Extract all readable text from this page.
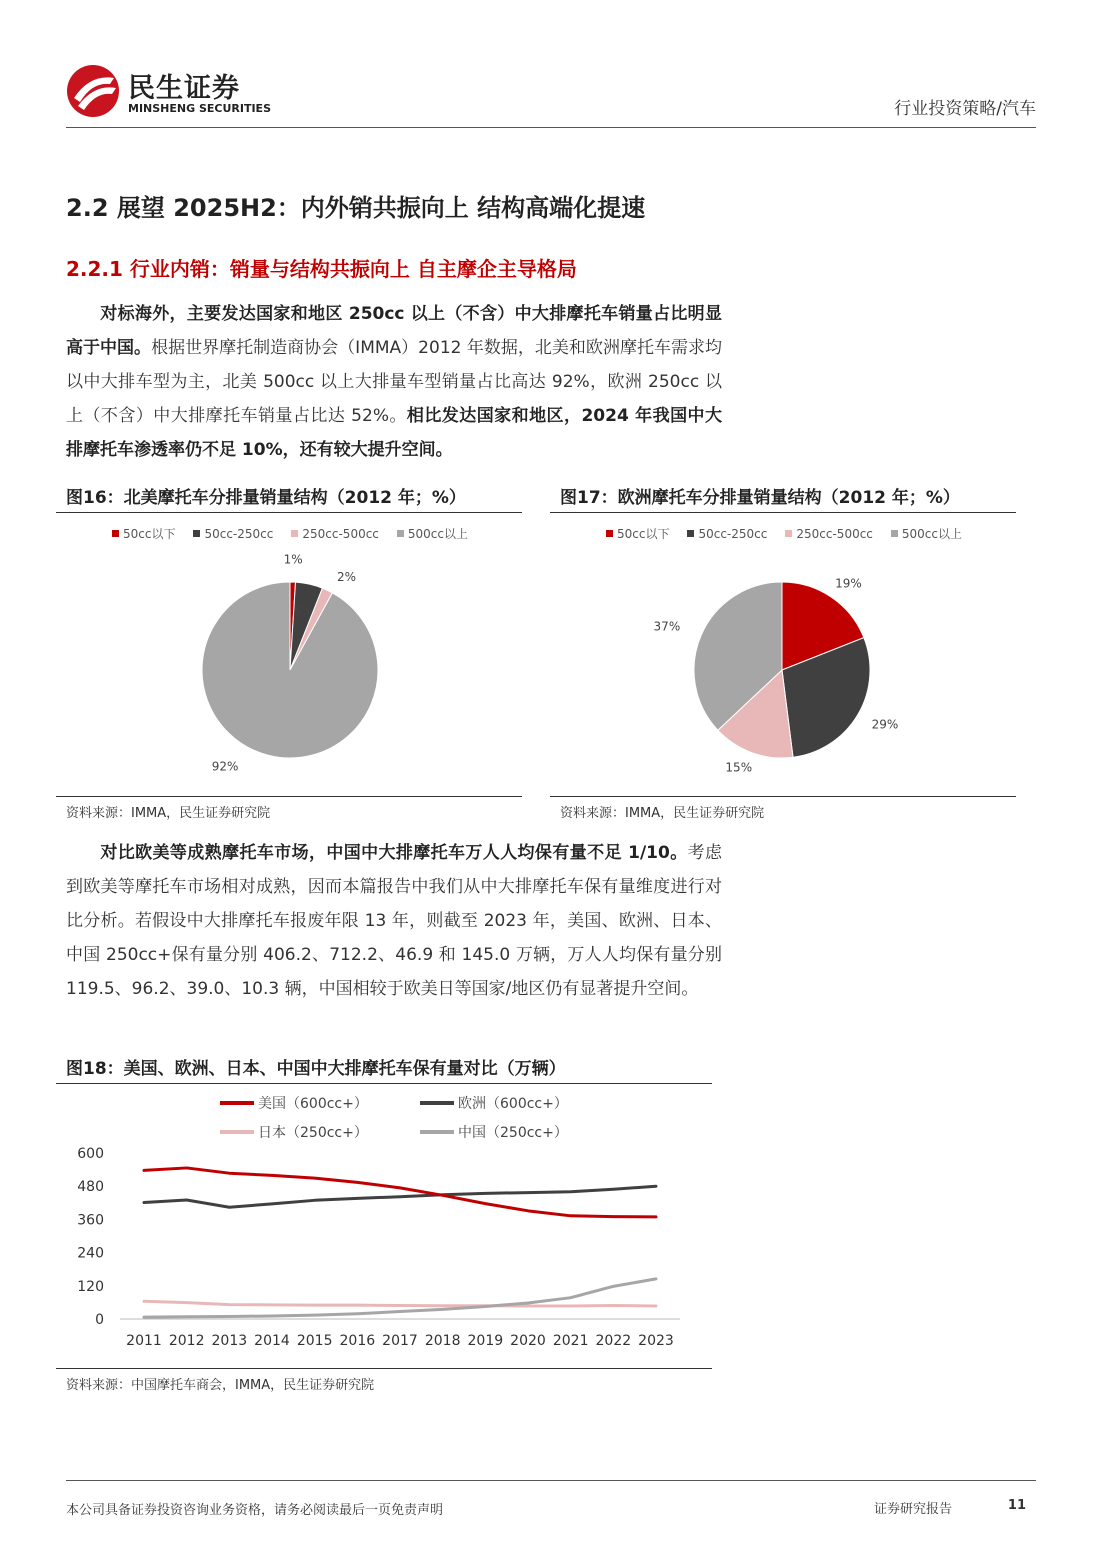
民生证券
MINSHENG SECURITIES	行业投资策略/汽车
2.2 展望 2025H2：内外销共振向上 结构高端化提速
2.2.1 行业内销：销量与结构共振向上 自主摩企主导格局
对标海外，主要发达国家和地区 250cc 以上（不含）中大排摩托车销量占比明显高于中国。根据世界摩托制造商协会（IMMA）2012 年数据，北美和欧洲摩托车需求均以中大排车型为主，北美 500cc 以上大排量车型销量占比高达 92%，欧洲 250cc 以上（不含）中大排摩托车销量占比达 52%。相比发达国家和地区，2024 年我国中大排摩托车渗透率仍不足 10%，还有较大提升空间。
图16：北美摩托车分排量销量结构（2012 年；%）
50cc以下 50cc-250cc 250cc-500cc 500cc以上
1%
5%
2%
92%
资料来源：IMMA，民生证券研究院
图17：欧洲摩托车分排量销量结构（2012 年；%）
50cc以下 50cc-250cc 250cc-500cc 500cc以上
19%
29%
15%
37%
资料来源：IMMA，民生证券研究院
对比欧美等成熟摩托车市场，中国中大排摩托车万人人均保有量不足 1/10。考虑到欧美等摩托车市场相对成熟，因而本篇报告中我们从中大排摩托车保有量维度进行对比分析。若假设中大排摩托车报废年限 13 年，则截至 2023 年，美国、欧洲、日本、中国 250cc+保有量分别 406.2、712.2、46.9 和 145.0 万辆，万人人均保有量分别 119.5、96.2、39.0、10.3 辆，中国相较于欧美日等国家/地区仍有显著提升空间。
图18：美国、欧洲、日本、中国中大排摩托车保有量对比（万辆）
美国（600cc+）	欧洲（600cc+）
日本（250cc+）	中国（250cc+）
0
120
240
360
480
600
2011 2012 2013 2014 2015 2016 2017 2018 2019 2020 2021 2022 2023
资料来源：中国摩托车商会，IMMA，民生证券研究院
本公司具备证券投资咨询业务资格，请务必阅读最后一页免责声明	证券研究报告	11
